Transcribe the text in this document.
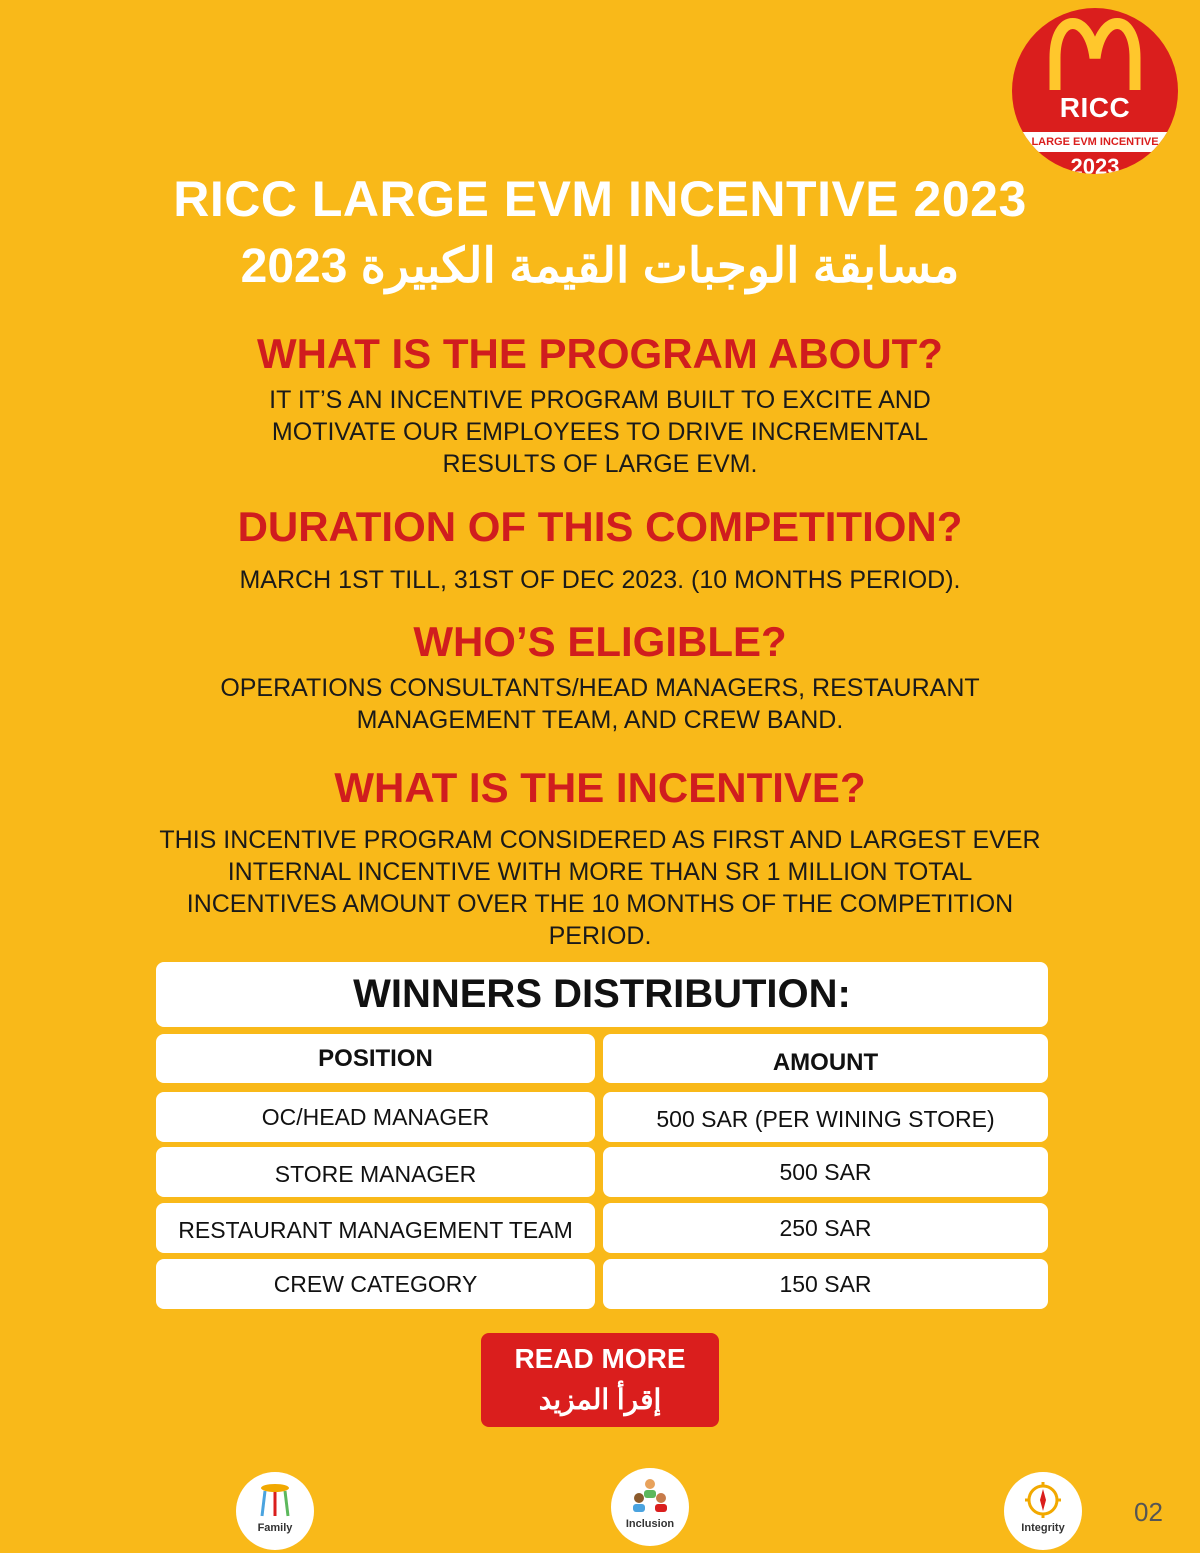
RICC
LARGE EVM INCENTIVE
2023
RICC LARGE EVM INCENTIVE 2023
مسابقة الوجبات القيمة الكبيرة 2023
WHAT IS THE PROGRAM ABOUT?

IT IT’S AN INCENTIVE PROGRAM BUILT TO EXCITE AND MOTIVATE OUR EMPLOYEES TO DRIVE INCREMENTAL RESULTS OF LARGE EVM.

DURATION OF THIS COMPETITION?

MARCH 1ST TILL, 31ST OF DEC 2023. (10 MONTHS PERIOD).

WHO’S ELIGIBLE?

OPERATIONS CONSULTANTS/HEAD MANAGERS, RESTAURANT MANAGEMENT TEAM, AND CREW BAND.

WHAT IS THE INCENTIVE?

THIS INCENTIVE PROGRAM CONSIDERED AS FIRST AND LARGEST EVER INTERNAL INCENTIVE WITH MORE THAN SR 1 MILLION TOTAL INCENTIVES AMOUNT OVER THE 10 MONTHS OF THE COMPETITION PERIOD.

WINNERS DISTRIBUTION:
POSITION	AMOUNT
OC/HEAD MANAGER	500 SAR (PER WINING STORE)
STORE MANAGER	500 SAR
RESTAURANT MANAGEMENT TEAM	250 SAR
CREW CATEGORY	150 SAR
READ MORE
إقرأ المزيد
Family	Inclusion	Integrity
02
